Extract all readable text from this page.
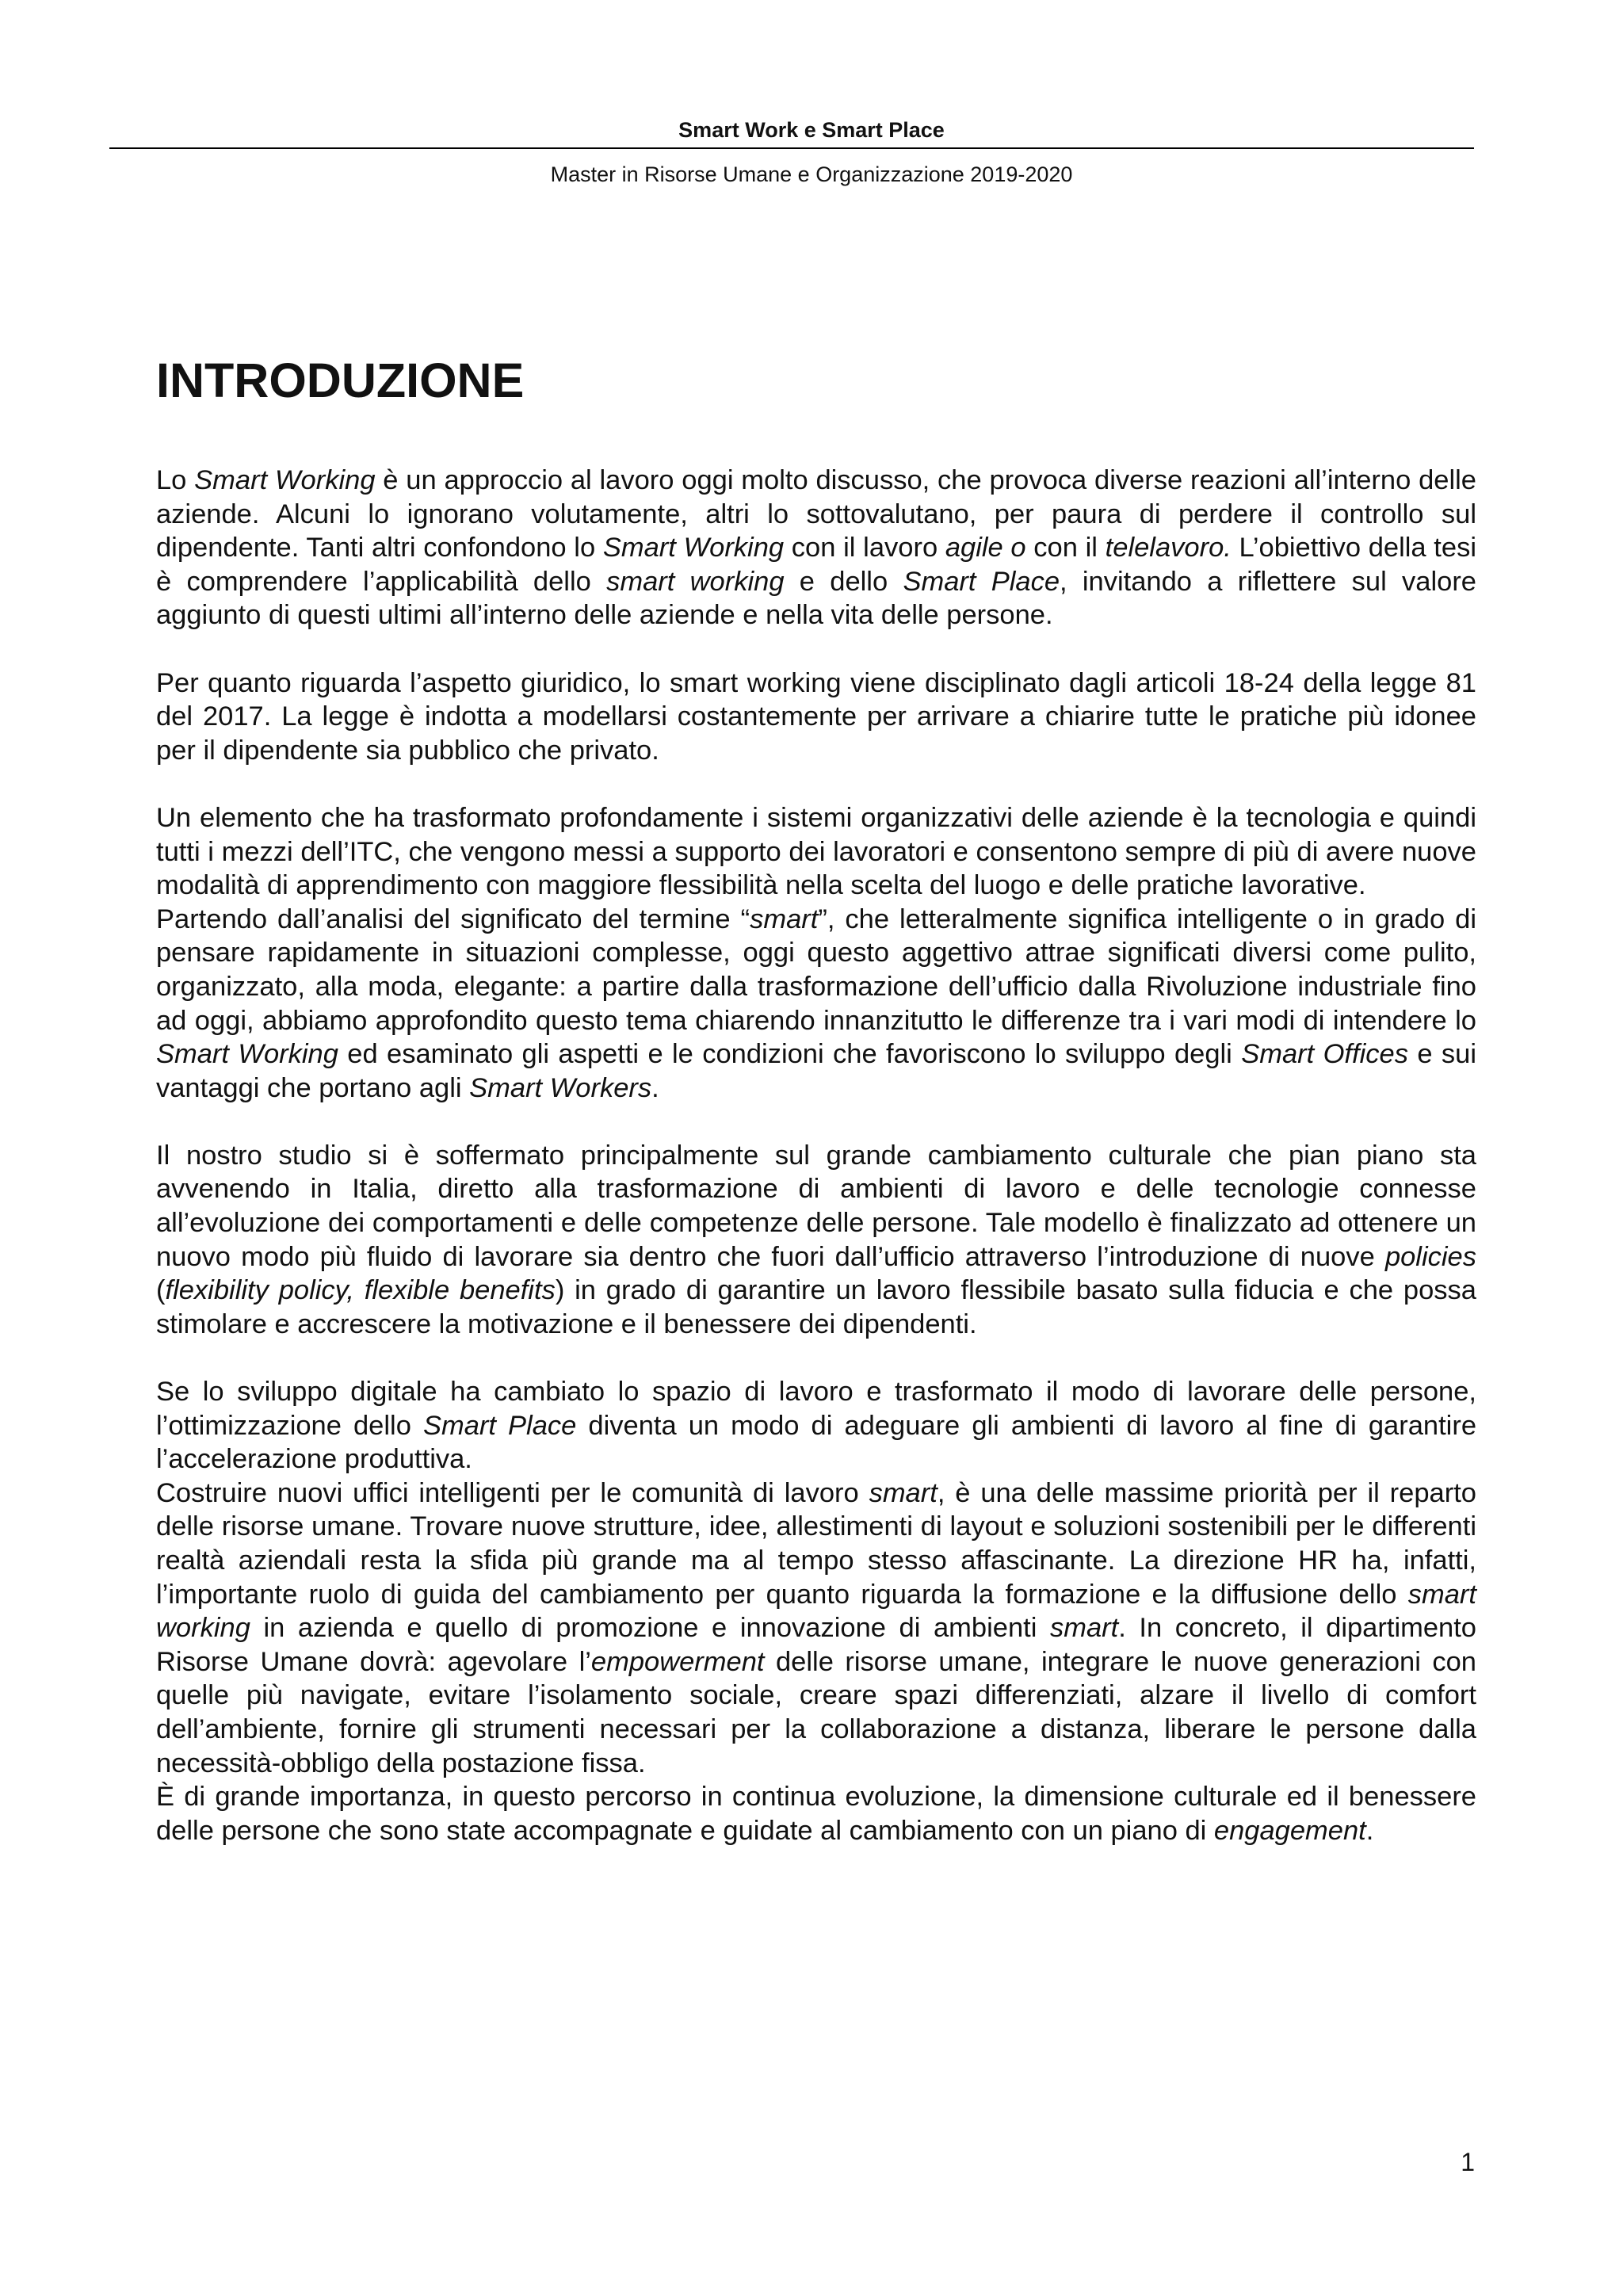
Smart Work e Smart Place
Master in Risorse Umane e Organizzazione 2019-2020
INTRODUZIONE

Lo Smart Working è un approccio al lavoro oggi molto discusso, che provoca diverse reazioni all’interno delle aziende. Alcuni lo ignorano volutamente, altri lo sottovalutano, per paura di perdere il controllo sul dipendente. Tanti altri confondono lo Smart Working con il lavoro agile o con il telelavoro. L’obiettivo della tesi è comprendere l’applicabilità dello smart working e dello Smart Place, invitando a riflettere sul valore aggiunto di questi ultimi all’interno delle aziende e nella vita delle persone.

Per quanto riguarda l’aspetto giuridico, lo smart working viene disciplinato dagli articoli 18-24 della legge 81 del 2017. La legge è indotta a modellarsi costantemente per arrivare a chiarire tutte le pratiche più idonee per il dipendente sia pubblico che privato.

Un elemento che ha trasformato profondamente i sistemi organizzativi delle aziende è la tecnologia e quindi tutti i mezzi dell’ITC, che vengono messi a supporto dei lavoratori e consentono sempre di più di avere nuove modalità di apprendimento con maggiore flessibilità nella scelta del luogo e delle pratiche lavorative.

Partendo dall’analisi del significato del termine “smart”, che letteralmente significa intelligente o in grado di pensare rapidamente in situazioni complesse, oggi questo aggettivo attrae significati diversi come pulito, organizzato, alla moda, elegante: a partire dalla trasformazione dell’ufficio dalla Rivoluzione industriale fino ad oggi, abbiamo approfondito questo tema chiarendo innanzitutto le differenze tra i vari modi di intendere lo Smart Working ed esaminato gli aspetti e le condizioni che favoriscono lo sviluppo degli Smart Offices e sui vantaggi che portano agli Smart Workers.

Il nostro studio si è soffermato principalmente sul grande cambiamento culturale che pian piano sta avvenendo in Italia, diretto alla trasformazione di ambienti di lavoro e delle tecnologie connesse all’evoluzione dei comportamenti e delle competenze delle persone. Tale modello è finalizzato ad ottenere un nuovo modo più fluido di lavorare sia dentro che fuori dall’ufficio attraverso l’introduzione di nuove policies (flexibility policy, flexible benefits) in grado di garantire un lavoro flessibile basato sulla fiducia e che possa stimolare e accrescere la motivazione e il benessere dei dipendenti.

Se lo sviluppo digitale ha cambiato lo spazio di lavoro e trasformato il modo di lavorare delle persone, l’ottimizzazione dello Smart Place diventa un modo di adeguare gli ambienti di lavoro al fine di garantire l’accelerazione produttiva.

Costruire nuovi uffici intelligenti per le comunità di lavoro smart, è una delle massime priorità per il reparto delle risorse umane. Trovare nuove strutture, idee, allestimenti di layout e soluzioni sostenibili per le differenti realtà aziendali resta la sfida più grande ma al tempo stesso affascinante. La direzione HR ha, infatti, l’importante ruolo di guida del cambiamento per quanto riguarda la formazione e la diffusione dello smart working in azienda e quello di promozione e innovazione di ambienti smart. In concreto, il dipartimento Risorse Umane dovrà: agevolare l’empowerment delle risorse umane, integrare le nuove generazioni con quelle più navigate, evitare l’isolamento sociale, creare spazi differenziati, alzare il livello di comfort dell’ambiente, fornire gli strumenti necessari per la collaborazione a distanza, liberare le persone dalla necessità-obbligo della postazione fissa.

È di grande importanza, in questo percorso in continua evoluzione, la dimensione culturale ed il benessere delle persone che sono state accompagnate e guidate al cambiamento con un piano di engagement.

1
